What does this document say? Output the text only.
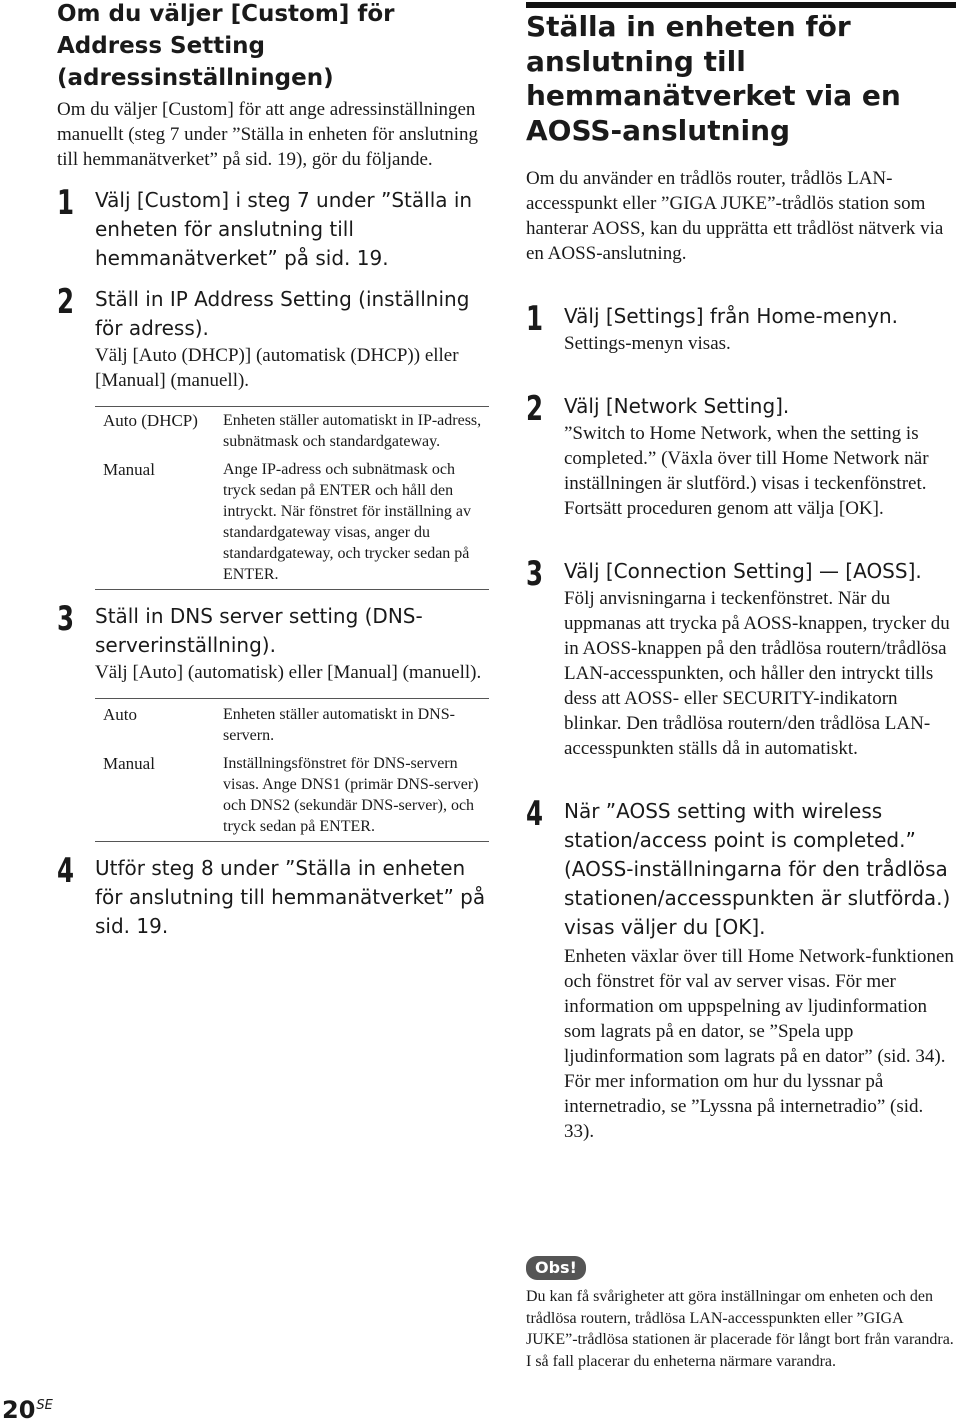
Om du väljer [Custom] för Address Setting (adressinställningen)

Om du väljer [Custom] för att ange adressinställningen manuellt (steg 7 under ”Ställa in enheten för anslutning till hemmanätverket” på sid. 19), gör du följande.

1 Välj [Custom] i steg 7 under ”Ställa in enheten för anslutning till hemmanätverket” på sid. 19.

2 Ställ in IP Address Setting (inställning för adress).

Välj [Auto (DHCP)] (automatisk (DHCP)) eller [Manual] (manuell).

Auto (DHCP)	Enheten ställer automatiskt in IP-adress, subnätmask och standardgateway.
Manual	Ange IP-adress och subnätmask och tryck sedan på ENTER och håll den intryckt. När fönstret för inställning av standardgateway visas, anger du standardgateway, och trycker sedan på ENTER.
3 Ställ in DNS server setting (DNS-serverinställning).

Välj [Auto] (automatisk) eller [Manual] (manuell).

Auto	Enheten ställer automatiskt in DNS-servern.
Manual	Inställningsfönstret för DNS-servern visas. Ange DNS1 (primär DNS-server) och DNS2 (sekundär DNS-server), och tryck sedan på ENTER.
4 Utför steg 8 under ”Ställa in enheten för anslutning till hemmanätverket” på sid. 19.

Ställa in enheten för anslutning till hemmanätverket via en AOSS-anslutning

Om du använder en trådlös router, trådlös LAN-accesspunkt eller ”GIGA JUKE”-trådlös station som hanterar AOSS, kan du upprätta ett trådlöst nätverk via en AOSS-anslutning.

1 Välj [Settings] från Home-menyn.

Settings-menyn visas.

2 Välj [Network Setting].

”Switch to Home Network, when the setting is completed.” (Växla över till Home Network när inställningen är slutförd.) visas i teckenfönstret. Fortsätt proceduren genom att välja [OK].

3 Välj [Connection Setting] — [AOSS].

Följ anvisningarna i teckenfönstret. När du uppmanas att trycka på AOSS-knappen, trycker du in AOSS-knappen på den trådlösa routern/trådlösa LAN-accesspunkten, och håller den intryckt tills dess att AOSS- eller SECURITY-indikatorn blinkar. Den trådlösa routern/den trådlösa LAN-accesspunkten ställs då in automatiskt.

4 När ”AOSS setting with wireless station/access point is completed.” (AOSS-inställningarna för den trådlösa stationen/accesspunkten är slutförda.) visas väljer du [OK].

Enheten växlar över till Home Network-funktionen och fönstret för val av server visas. För mer information om uppspelning av ljudinformation som lagrats på en dator, se ”Spela upp ljudinformation som lagrats på en dator” (sid. 34). För mer information om hur du lyssnar på internetradio, se ”Lyssna på internetradio” (sid. 33).

Obs!

Du kan få svårigheter att göra inställningar om enheten och den trådlösa routern, trådlösa LAN-accesspunkten eller ”GIGA JUKE”-trådlösa stationen är placerade för långt bort från varandra. I så fall placerar du enheterna närmare varandra.

$20^{SE}$
